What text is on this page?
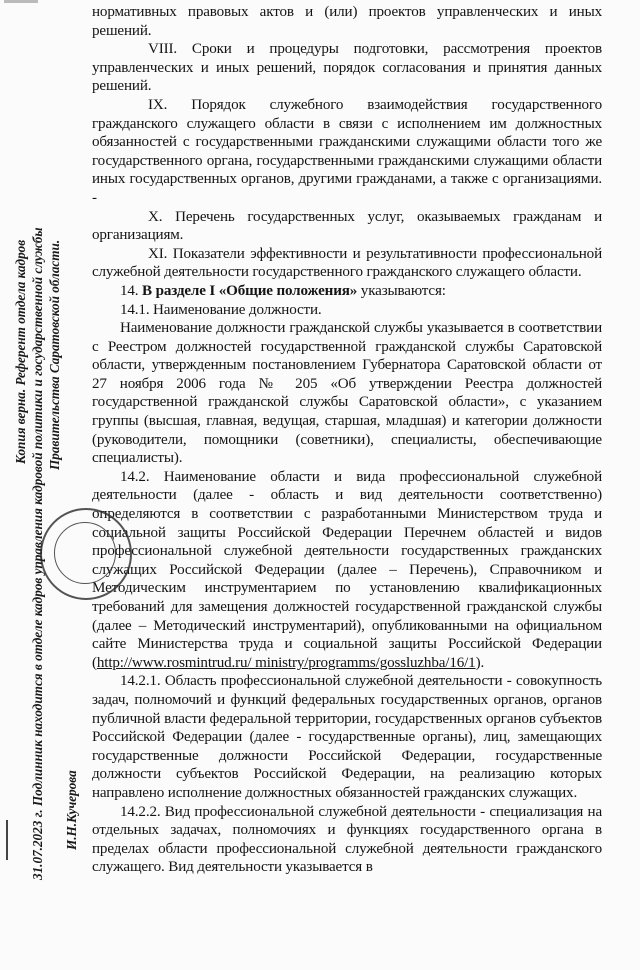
нормативных правовых актов и (или) проектов управленческих и иных решений.

VIII. Сроки и процедуры подготовки, рассмотрения проектов управленческих и иных решений, порядок согласования и принятия данных решений.

IX. Порядок служебного взаимодействия государственного гражданского служащего области в связи с исполнением им должностных обязанностей с государственными гражданскими служащими области того же государственного органа, государственными гражданскими служащими области иных государственных органов, другими гражданами, а также с организациями. -

X. Перечень государственных услуг, оказываемых гражданам и организациям.

XI. Показатели эффективности и результативности профессиональной служебной деятельности государственного гражданского служащего области.

14. В разделе I «Общие положения» указываются:

14.1. Наименование должности.

Наименование должности гражданской службы указывается в соответствии с Реестром должностей государственной гражданской службы Саратовской области, утвержденным постановлением Губернатора Саратовской области от 27 ноября 2006 года № 205 «Об утверждении Реестра должностей государственной гражданской службы Саратовской области», с указанием группы (высшая, главная, ведущая, старшая, младшая) и категории должности (руководители, помощники (советники), специалисты, обеспечивающие специалисты).

14.2. Наименование области и вида профессиональной служебной деятельности (далее - область и вид деятельности соответственно) определяются в соответствии с разработанными Министерством труда и социальной защиты Российской Федерации Перечнем областей и видов профессиональной служебной деятельности государственных гражданских служащих Российской Федерации (далее – Перечень), Справочником и Методическим инструментарием по установлению квалификационных требований для замещения должностей государственной гражданской службы (далее – Методический инструментарий), опубликованными на официальном сайте Министерства труда и социальной защиты Российской Федерации (http://www.rosmintrud.ru/ ministry/programms/gossluzhba/16/1).

14.2.1. Область профессиональной служебной деятельности - совокупность задач, полномочий и функций федеральных государственных органов, органов публичной власти федеральной территории, государственных органов субъектов Российской Федерации (далее - государственные органы), лиц, замещающих государственные должности Российской Федерации, государственные должности субъектов Российской Федерации, на реализацию которых направлено исполнение должностных обязанностей гражданских служащих.

14.2.2. Вид профессиональной служебной деятельности - специализация на отдельных задачах, полномочиях и функциях государственного органа в пределах области профессиональной служебной деятельности гражданского служащего. Вид деятельности указывается в

Копия верна. Референт отдела кадров 31.07.2023 г. Подлинник находится в отделе кадров управления кадровой политики и государственной службы Правительства Саратовской области.
И.Н.Кучерова
